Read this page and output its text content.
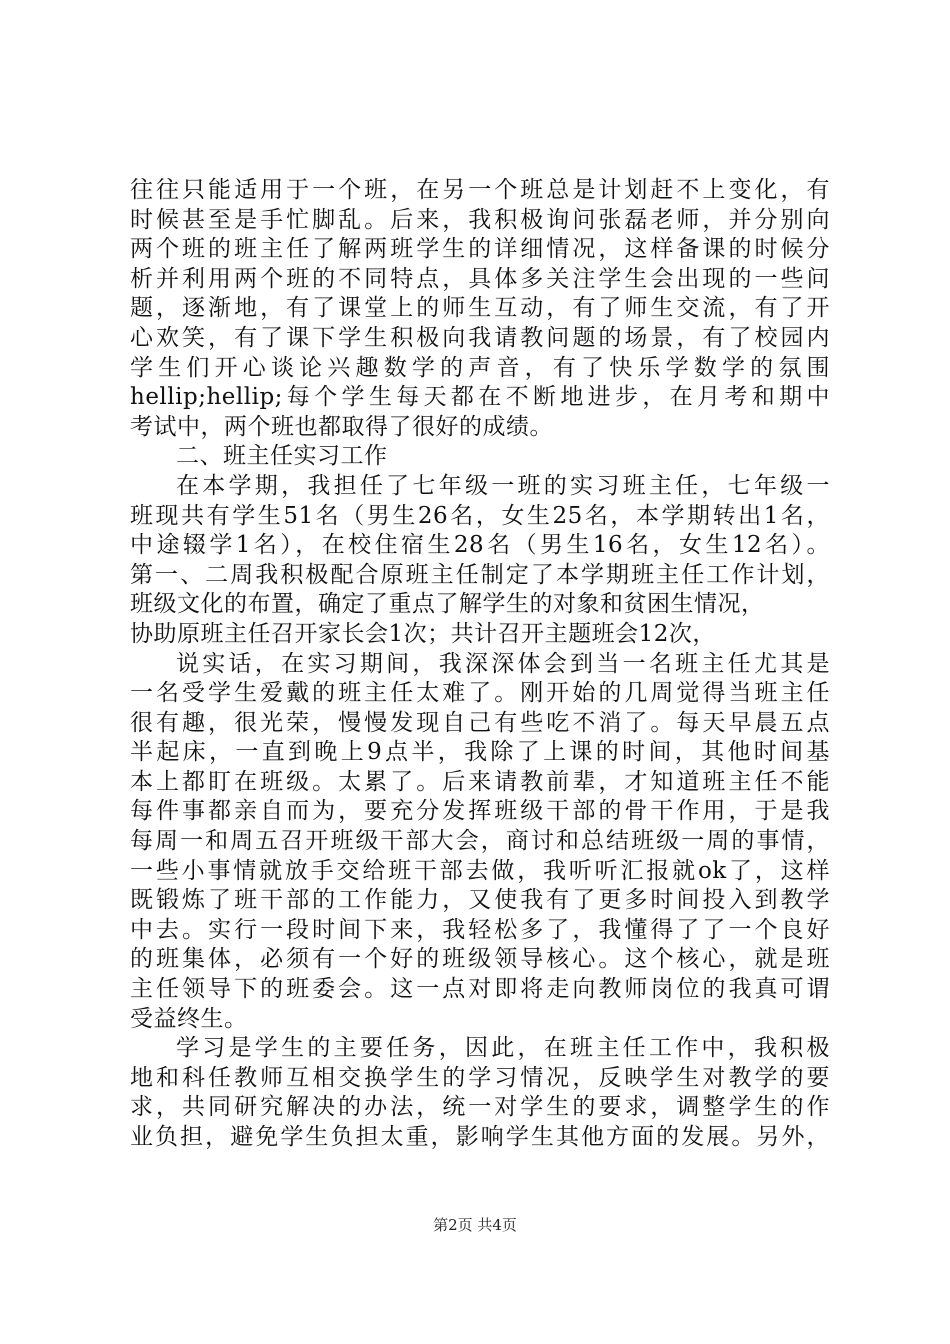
往往只能适用于一个班，在另一个班总是计划赶不上变化，有
时候甚至是手忙脚乱。后来，我积极询问张磊老师，并分别向
两个班的班主任了解两班学生的详细情况，这样备课的时候分
析并利用两个班的不同特点，具体多关注学生会出现的一些问
题，逐渐地，有了课堂上的师生互动，有了师生交流，有了开
心欢笑，有了课下学生积极向我请教问题的场景，有了校园内
学生们开心谈论兴趣数学的声音，有了快乐学数学的氛围
hellip;hellip;每个学生每天都在不断地进步，在月考和期中
考试中，两个班也都取得了很好的成绩。
二、班主任实习工作
在本学期，我担任了七年级一班的实习班主任，七年级一
班现共有学生51名（男生26名，女生25名，本学期转出1名，
中途辍学1名），在校住宿生28名（男生16名，女生12名）。
第一、二周我积极配合原班主任制定了本学期班主任工作计划，
班级文化的布置，确定了重点了解学生的对象和贫困生情况，
协助原班主任召开家长会1次；共计召开主题班会12次，
说实话，在实习期间，我深深体会到当一名班主任尤其是
一名受学生爱戴的班主任太难了。刚开始的几周觉得当班主任
很有趣，很光荣，慢慢发现自己有些吃不消了。每天早晨五点
半起床，一直到晚上9点半，我除了上课的时间，其他时间基
本上都盯在班级。太累了。后来请教前辈，才知道班主任不能
每件事都亲自而为，要充分发挥班级干部的骨干作用，于是我
每周一和周五召开班级干部大会，商讨和总结班级一周的事情，
一些小事情就放手交给班干部去做，我听听汇报就ok了，这样
既锻炼了班干部的工作能力，又使我有了更多时间投入到教学
中去。实行一段时间下来，我轻松多了，我懂得了了一个良好
的班集体，必须有一个好的班级领导核心。这个核心，就是班
主任领导下的班委会。这一点对即将走向教师岗位的我真可谓
受益终生。
学习是学生的主要任务，因此，在班主任工作中，我积极
地和科任教师互相交换学生的学习情况，反映学生对教学的要
求，共同研究解决的办法，统一对学生的要求，调整学生的作
业负担，避免学生负担太重，影响学生其他方面的发展。另外，
第2页 共4页
